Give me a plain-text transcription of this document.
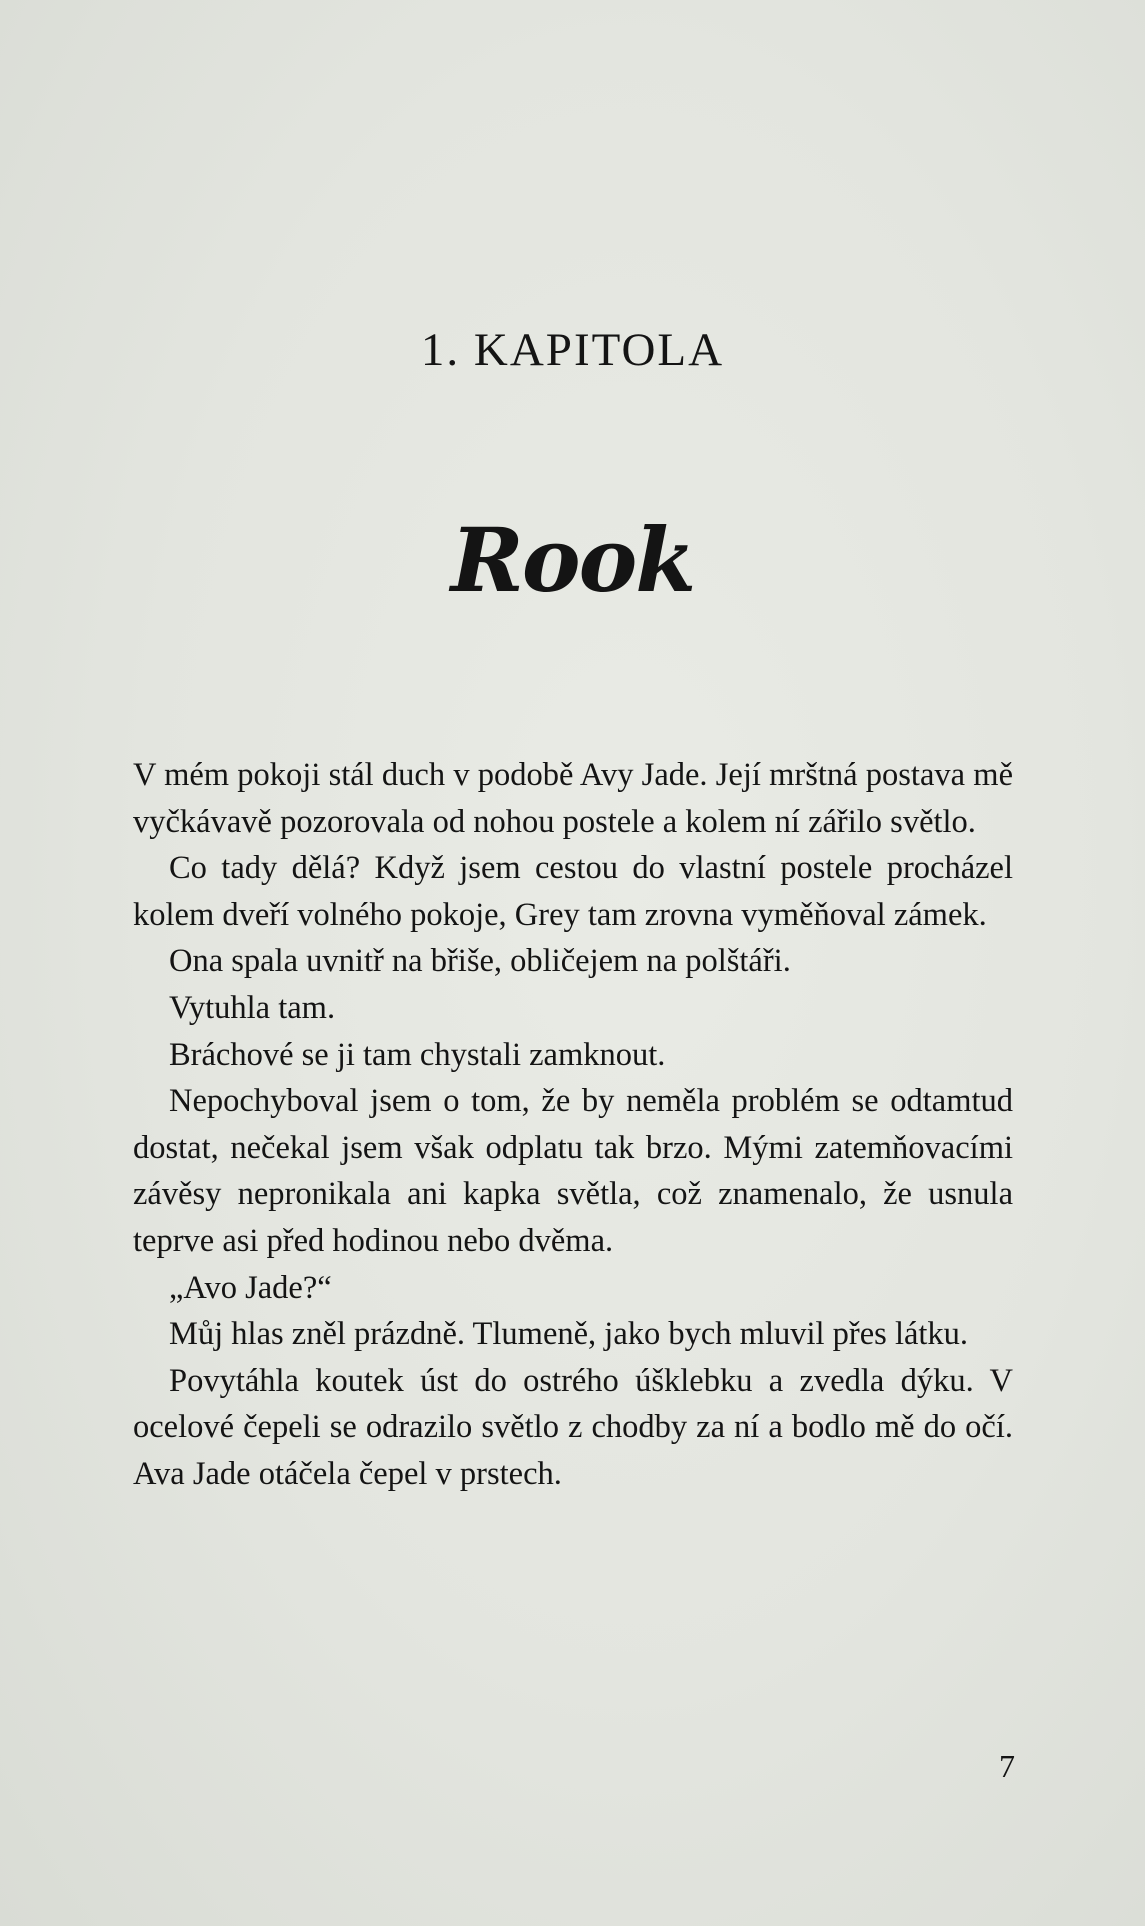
1. KAPITOLA
Rook

V mém pokoji stál duch v podobě Avy Jade. Její mrštná postava mě vyčkávavě pozorovala od nohou postele a kolem ní zářilo světlo.

Co tady dělá? Když jsem cestou do vlastní postele procházel kolem dveří volného pokoje, Grey tam zrovna vyměňoval zámek.

Ona spala uvnitř na břiše, obličejem na polštáři.

Vytuhla tam.

Bráchové se ji tam chystali zamknout.

Nepochyboval jsem o tom, že by neměla problém se odtamtud dostat, nečekal jsem však odplatu tak brzo. Mými zatemňovacími závěsy nepronikala ani kapka světla, což znamenalo, že usnula teprve asi před hodinou nebo dvěma.

„Avo Jade?“

Můj hlas zněl prázdně. Tlumeně, jako bych mluvil přes látku.

Povytáhla koutek úst do ostrého úšklebku a zvedla dýku. V ocelové čepeli se odrazilo světlo z chodby za ní a bodlo mě do očí. Ava Jade otáčela čepel v prstech.

7
